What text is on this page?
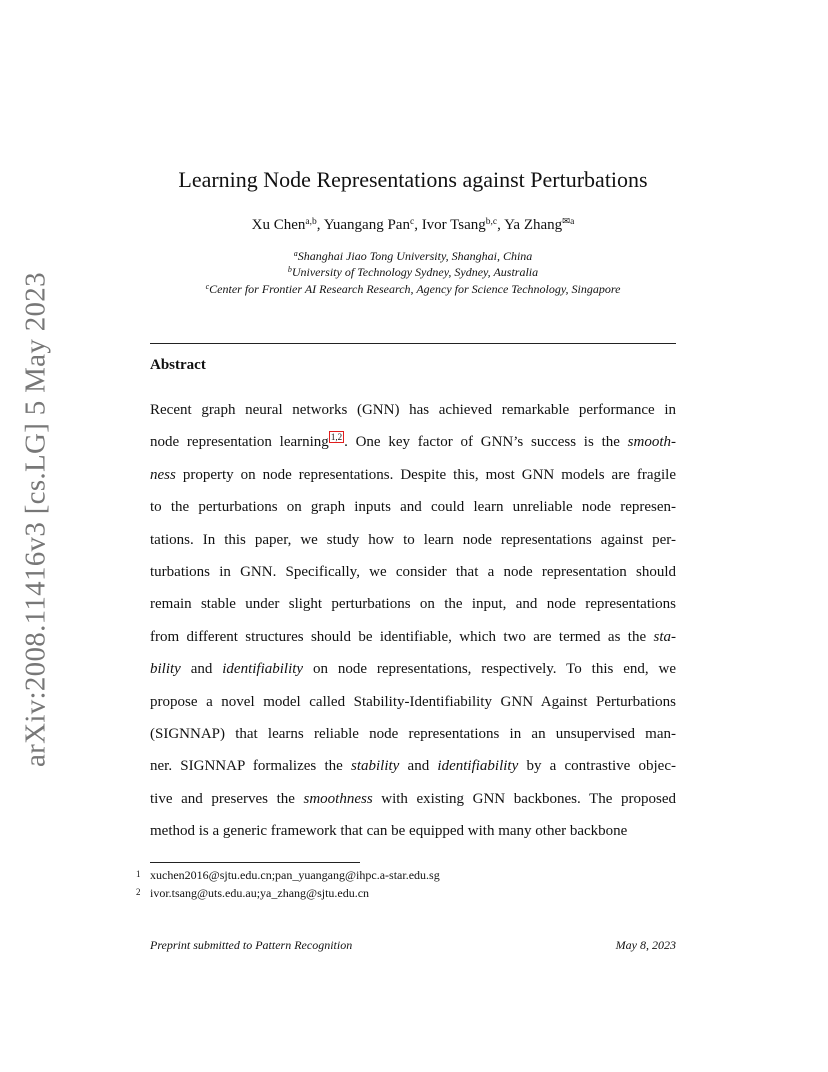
arXiv:2008.11416v3 [cs.LG] 5 May 2023
Learning Node Representations against Perturbations
Xu Chen$^{a,b}$, Yuangang Pan$^c$, Ivor Tsang$^{b,c}$, Ya Zhang$^{✉a}$
$^a$Shanghai Jiao Tong University, Shanghai, China
$^b$University of Technology Sydney, Sydney, Australia
$^c$Center for Frontier AI Research Research, Agency for Science Technology, Singapore
Abstract

Recent graph neural networks (GNN) has achieved remarkable performance in
node representation learning 1,2 . One key factor of GNN’s success is the smooth-
ness property on node representations. Despite this, most GNN models are fragile
to the perturbations on graph inputs and could learn unreliable node represen-
tations. In this paper, we study how to learn node representations against per-
turbations in GNN. Specifically, we consider that a node representation should
remain stable under slight perturbations on the input, and node representations
from different structures should be identifiable, which two are termed as the sta-
bility and identifiability on node representations, respectively. To this end, we
propose a novel model called Stability-Identifiability GNN Against Perturbations
(SIGNNAP) that learns reliable node representations in an unsupervised man-
ner. SIGNNAP formalizes the stability and identifiability by a contrastive objec-
tive and preserves the smoothness with existing GNN backbones. The proposed
method is a generic framework that can be equipped with many other backbone

1 xuchen2016@sjtu.edu.cn;pan_yuangang@ihpc.a-star.edu.sg
2 ivor.tsang@uts.edu.au;ya_zhang@sjtu.edu.cn
Preprint submitted to Pattern Recognition	May 8, 2023
